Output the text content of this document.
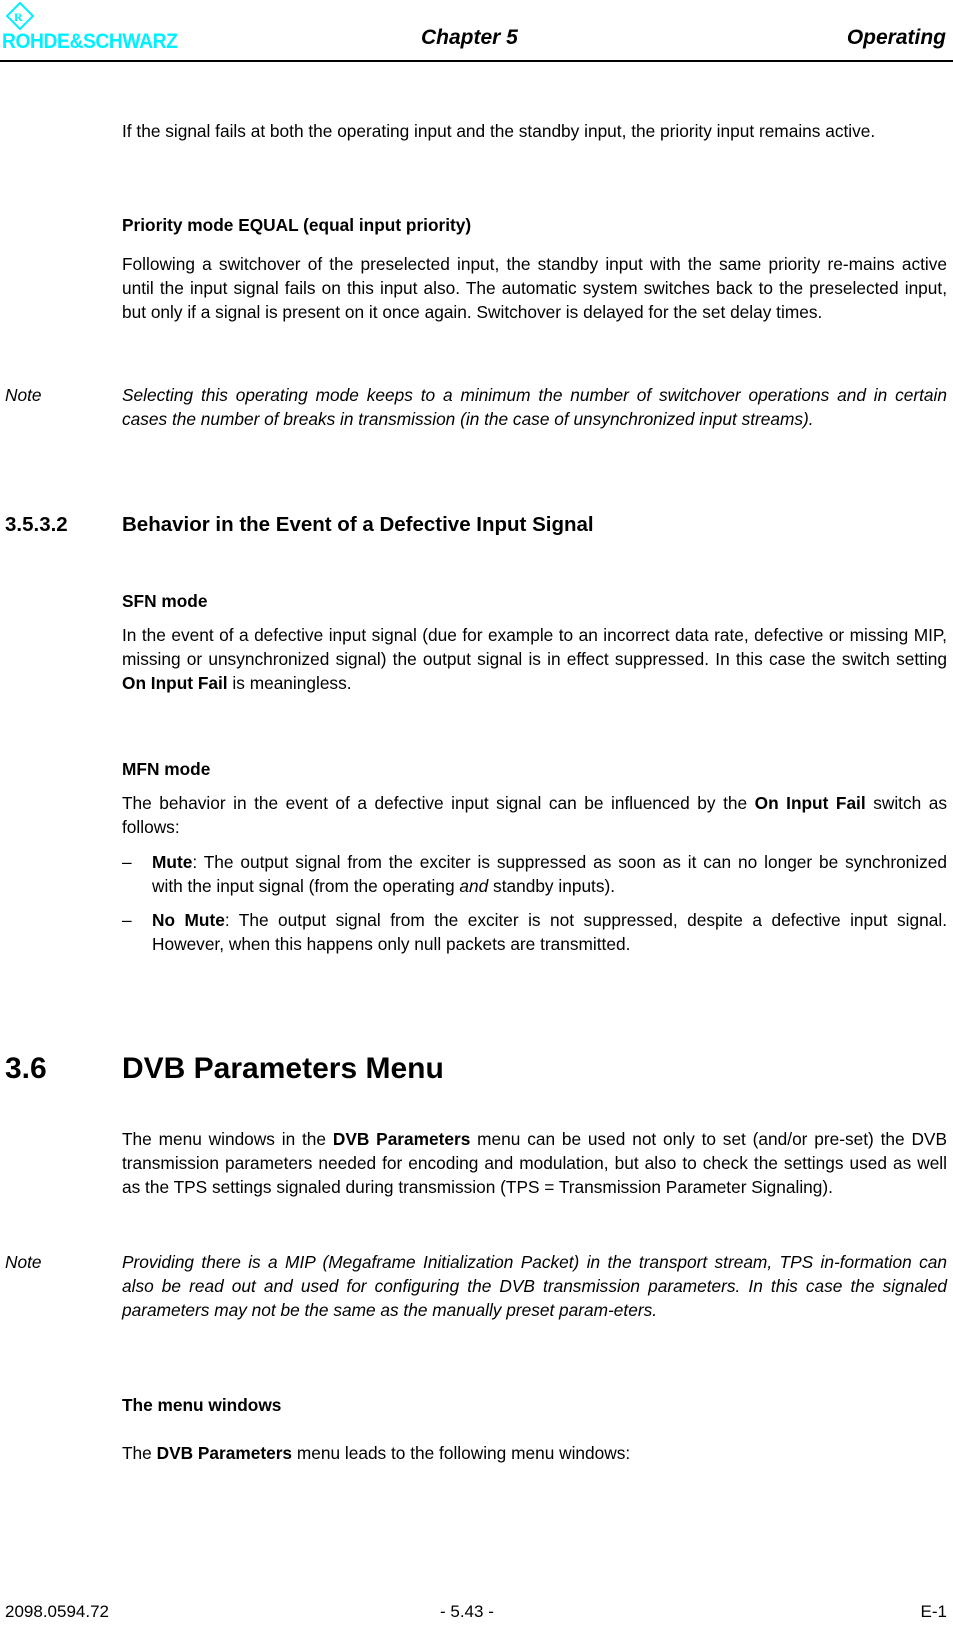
R
ROHDE&SCHWARZ	Chapter 5	Operating
If the signal fails at both the operating input and the standby input, the priority input remains active.
Priority mode EQUAL (equal input priority)
Following a switchover of the preselected input, the standby input with the same priority re-mains active until the input signal fails on this input also. The automatic system switches back to the preselected input, but only if a signal is present on it once again. Switchover is delayed for the set delay times.
Note	Selecting this operating mode keeps to a minimum the number of switchover operations and in certain cases the number of breaks in transmission (in the case of unsynchronized input streams).
3.5.3.2	Behavior in the Event of a Defective Input Signal
SFN mode
In the event of a defective input signal (due for example to an incorrect data rate, defective or missing MIP, missing or unsynchronized signal) the output signal is in effect suppressed. In this case the switch setting On Input Fail is meaningless.
MFN mode
The behavior in the event of a defective input signal can be influenced by the On Input Fail switch as follows:
– Mute: The output signal from the exciter is suppressed as soon as it can no longer be synchronized with the input signal (from the operating and standby inputs).
– No Mute: The output signal from the exciter is not suppressed, despite a defective input signal. However, when this happens only null packets are transmitted.
3.6	DVB Parameters Menu
The menu windows in the DVB Parameters menu can be used not only to set (and/or pre-set) the DVB transmission parameters needed for encoding and modulation, but also to check the settings used as well as the TPS settings signaled during transmission (TPS = Transmission Parameter Signaling).
Note	Providing there is a MIP (Megaframe Initialization Packet) in the transport stream, TPS in-formation can also be read out and used for configuring the DVB transmission parameters. In this case the signaled parameters may not be the same as the manually preset param-eters.
The menu windows
The DVB Parameters menu leads to the following menu windows:
2098.0594.72	- 5.43 -	E-1
